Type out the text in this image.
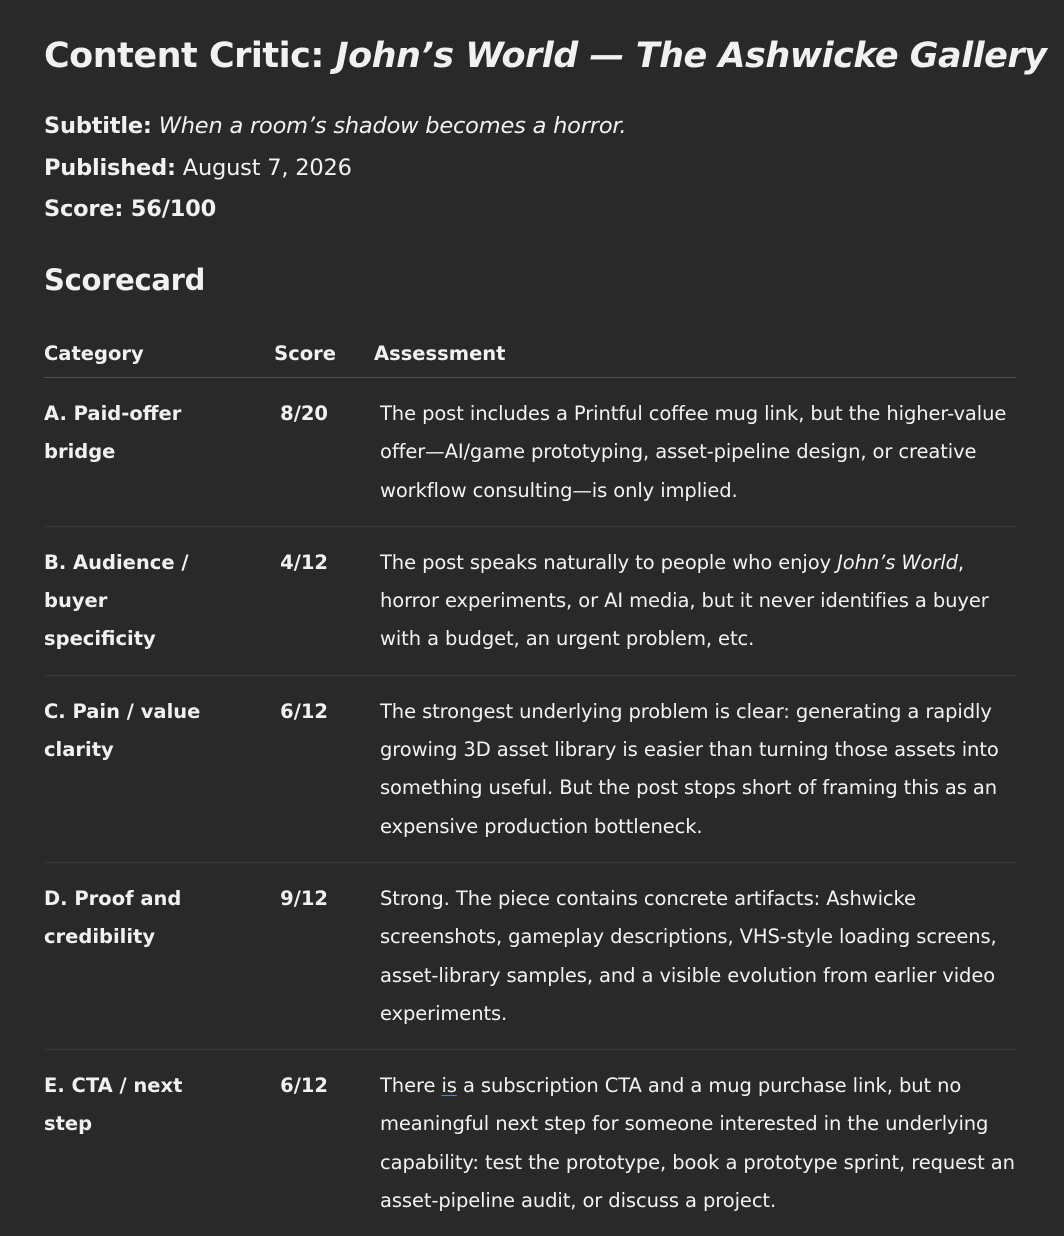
Content Critic: John’s World — The Ashwicke Gallery
Subtitle: When a room’s shadow becomes a horror.
Published: August 7, 2026
Score: 56/100
Scorecard
Category	Score	Assessment
A. Paid-offer bridge	8/20	The post includes a Printful coffee mug link, but the higher-value offer—AI/game prototyping, asset-pipeline design, or creative workflow consulting—is only implied.
B. Audience / buyer specificity	4/12	The post speaks naturally to people who enjoy John’s World, horror experiments, or AI media, but it never identifies a buyer with a budget, an urgent problem, etc.
C. Pain / value clarity	6/12	The strongest underlying problem is clear: generating a rapidly growing 3D asset library is easier than turning those assets into something useful. But the post stops short of framing this as an expensive production bottleneck.
D. Proof and credibility	9/12	Strong. The piece contains concrete artifacts: Ashwicke screenshots, gameplay descriptions, VHS-style loading screens, asset-library samples, and a visible evolution from earlier video experiments.
E. CTA / next step	6/12	There is a subscription CTA and a mug purchase link, but no meaningful next step for someone interested in the underlying capability: test the prototype, book a prototype sprint, request an asset-pipeline audit, or discuss a project.
